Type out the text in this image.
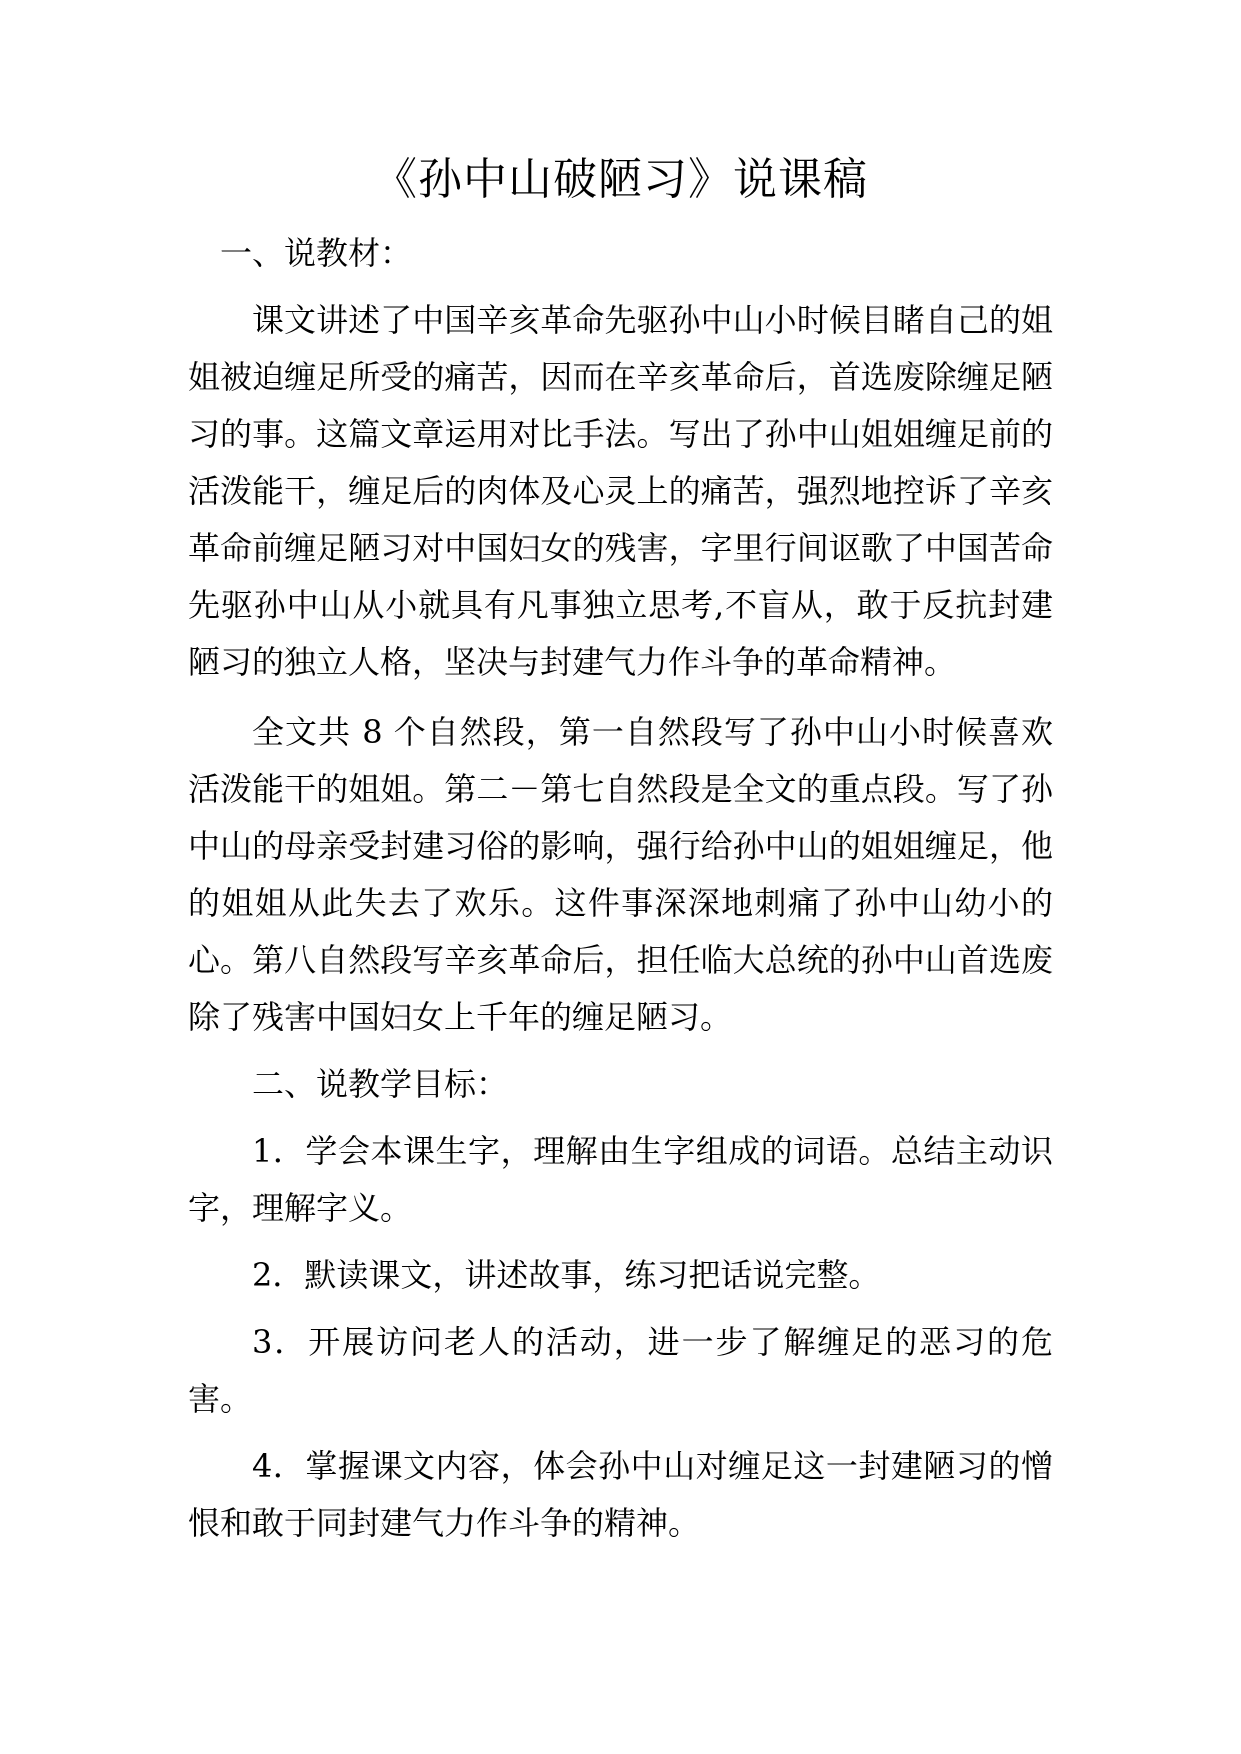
《孙中山破陋习》说课稿

一、说教材：

课文讲述了中国辛亥革命先驱孙中山小时候目睹自己的姐姐被迫缠足所受的痛苦，因而在辛亥革命后，首选废除缠足陋习的事。这篇文章运用对比手法。写出了孙中山姐姐缠足前的活泼能干，缠足后的肉体及心灵上的痛苦，强烈地控诉了辛亥革命前缠足陋习对中国妇女的残害，字里行间讴歌了中国苦命先驱孙中山从小就具有凡事独立思考,不盲从，敢于反抗封建陋习的独立人格，坚决与封建气力作斗争的革命精神。

全文共 8 个自然段，第一自然段写了孙中山小时候喜欢活泼能干的姐姐。第二－第七自然段是全文的重点段。写了孙中山的母亲受封建习俗的影响，强行给孙中山的姐姐缠足，他的姐姐从此失去了欢乐。这件事深深地刺痛了孙中山幼小的心。第八自然段写辛亥革命后，担任临大总统的孙中山首选废除了残害中国妇女上千年的缠足陋习。

二、说教学目标：

1．学会本课生字，理解由生字组成的词语。总结主动识字，理解字义。

2．默读课文，讲述故事，练习把话说完整。

3．开展访问老人的活动，进一步了解缠足的恶习的危害。

4．掌握课文内容，体会孙中山对缠足这一封建陋习的憎恨和敢于同封建气力作斗争的精神。
